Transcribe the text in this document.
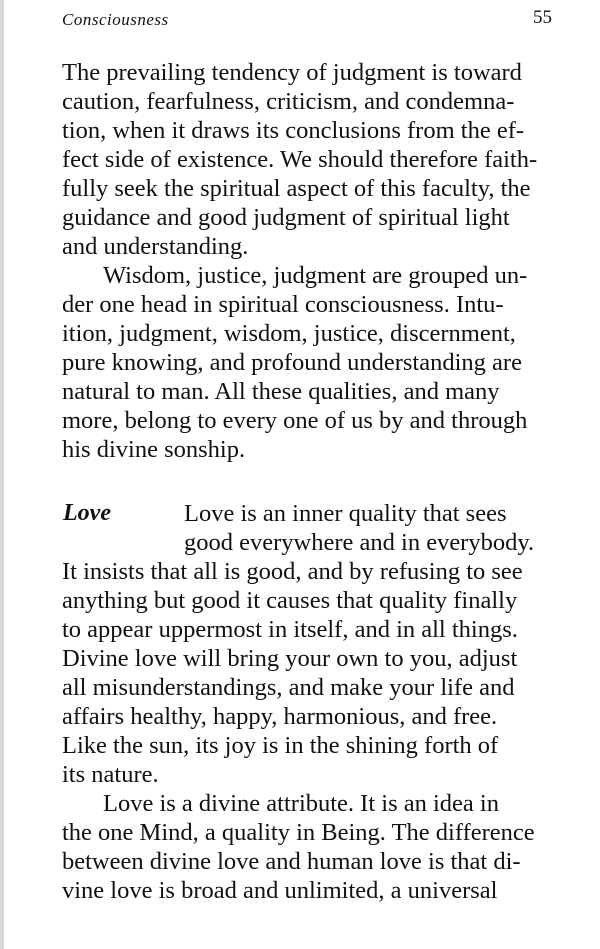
Consciousness	55
The prevailing tendency of judgment is toward
caution, fearfulness, criticism, and condemna-
tion, when it draws its conclusions from the ef-
fect side of existence. We should therefore faith-
fully seek the spiritual aspect of this faculty, the
guidance and good judgment of spiritual light
and understanding.
Wisdom, justice, judgment are grouped un-
der one head in spiritual consciousness. Intu-
ition, judgment, wisdom, justice, discernment,
pure knowing, and profound understanding are
natural to man. All these qualities, and many
more, belong to every one of us by and through
his divine sonship.
Love	Love is an inner quality that sees
good everywhere and in everybody.
It insists that all is good, and by refusing to see
anything but good it causes that quality finally
to appear uppermost in itself, and in all things.
Divine love will bring your own to you, adjust
all misunderstandings, and make your life and
affairs healthy, happy, harmonious, and free.
Like the sun, its joy is in the shining forth of
its nature.
Love is a divine attribute. It is an idea in
the one Mind, a quality in Being. The difference
between divine love and human love is that di-
vine love is broad and unlimited, a universal
